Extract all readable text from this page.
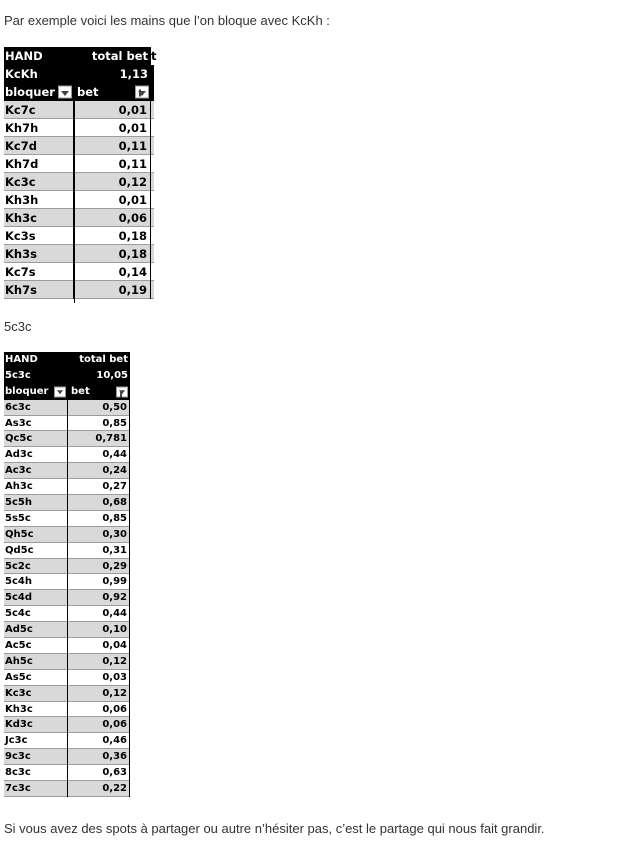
Par exemple voici les mains que l’on bloque avec KcKh :

HAND	total bet t
KcKh	1,13
bloquer	bet
Kc7c	0,01
Kh7h	0,01
Kc7d	0,11
Kh7d	0,11
Kc3c	0,12
Kh3h	0,01
Kh3c	0,06
Kc3s	0,18
Kh3s	0,18
Kc7s	0,14
Kh7s	0,19

5c3c

HAND	total bet
5c3c	10,05
bloquer	bet
6c3c	0,50
As3c	0,85
Qc5c	0,781
Ad3c	0,44
Ac3c	0,24
Ah3c	0,27
5c5h	0,68
5s5c	0,85
Qh5c	0,30
Qd5c	0,31
5c2c	0,29
5c4h	0,99
5c4d	0,92
5c4c	0,44
Ad5c	0,10
Ac5c	0,04
Ah5c	0,12
As5c	0,03
Kc3c	0,12
Kh3c	0,06
Kd3c	0,06
Jc3c	0,46
9c3c	0,36
8c3c	0,63
7c3c	0,22

Si vous avez des spots à partager ou autre n’hésiter pas, c’est le partage qui nous fait grandir.
